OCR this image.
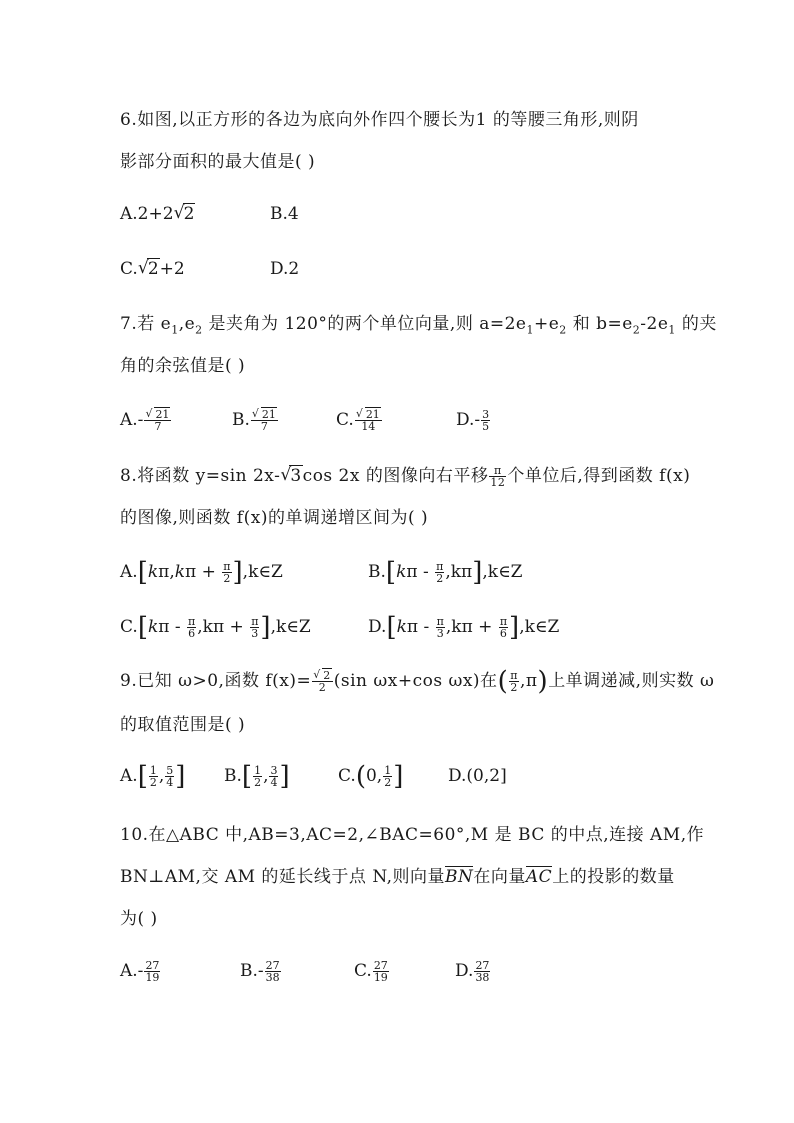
6.如图,以正方形的各边为底向外作四个腰长为1 的等腰三角形,则阴
影部分面积的最大值是( )
A.2+2 √ 2	B.4
C. √ 2+2	D.2
7.若 $e_1,e_2$ 是夹角为 120°的两个单位向量,则 $a=2e_1+e_2$ 和 $b=e_2-2e_1$ 的夹
角的余弦值是( )
A.- √ $\frac{21}{7}$	B. √ $\frac{21}{7}$	C. √ $\frac{21}{14}$	$D.- \frac{3}{5}$
8.将函数 y=sin 2x- √ 3cos 2x 的图像向右平移 $\frac{\pi}{12}$ 个单位后,得到函数 f(x)
的图像,则函数 f(x)的单调递增区间为( )
$A.[k\pi,k\pi + \frac{\pi}{2}$ ],k∈Z	$B.[k\pi - \frac{\pi}{2}$ ,kπ],k∈Z
$C.[k\pi - \frac{\pi}{6} ,k\pi + \frac{\pi}{3}$ ],k∈Z	$D.[k\pi - \frac{\pi}{3} ,k\pi + \frac{\pi}{6}$ ],k∈Z
9.已知 ω>0,函数 f(x)= √ $\frac{2}{2} (\sin$ ωx+cos ωx)在( $\frac{\pi}{2} ,\pi$)上单调递减,则实数 ω
的取值范围是( )
$A.[ \frac{1}{2}$ , $\frac{5}{4}$ ] $B.[ \frac{1}{2}$ , $\frac{3}{4}$ ]	C.(0, $\frac{1}{2}$ ]	D.(0,2]
10.在△ABC 中,AB=3,AC=2,∠BAC=60°,M 是 BC 的中点,连接 AM,作
BN⊥AM,交 AM 的延长线于点 N,则向量BN在向量AC上的投影的数量
为( )
$A.- \frac{27}{19}$	$B.- \frac{27}{38}$	C. $\frac{27}{19}$	D. $\frac{27}{38}$
